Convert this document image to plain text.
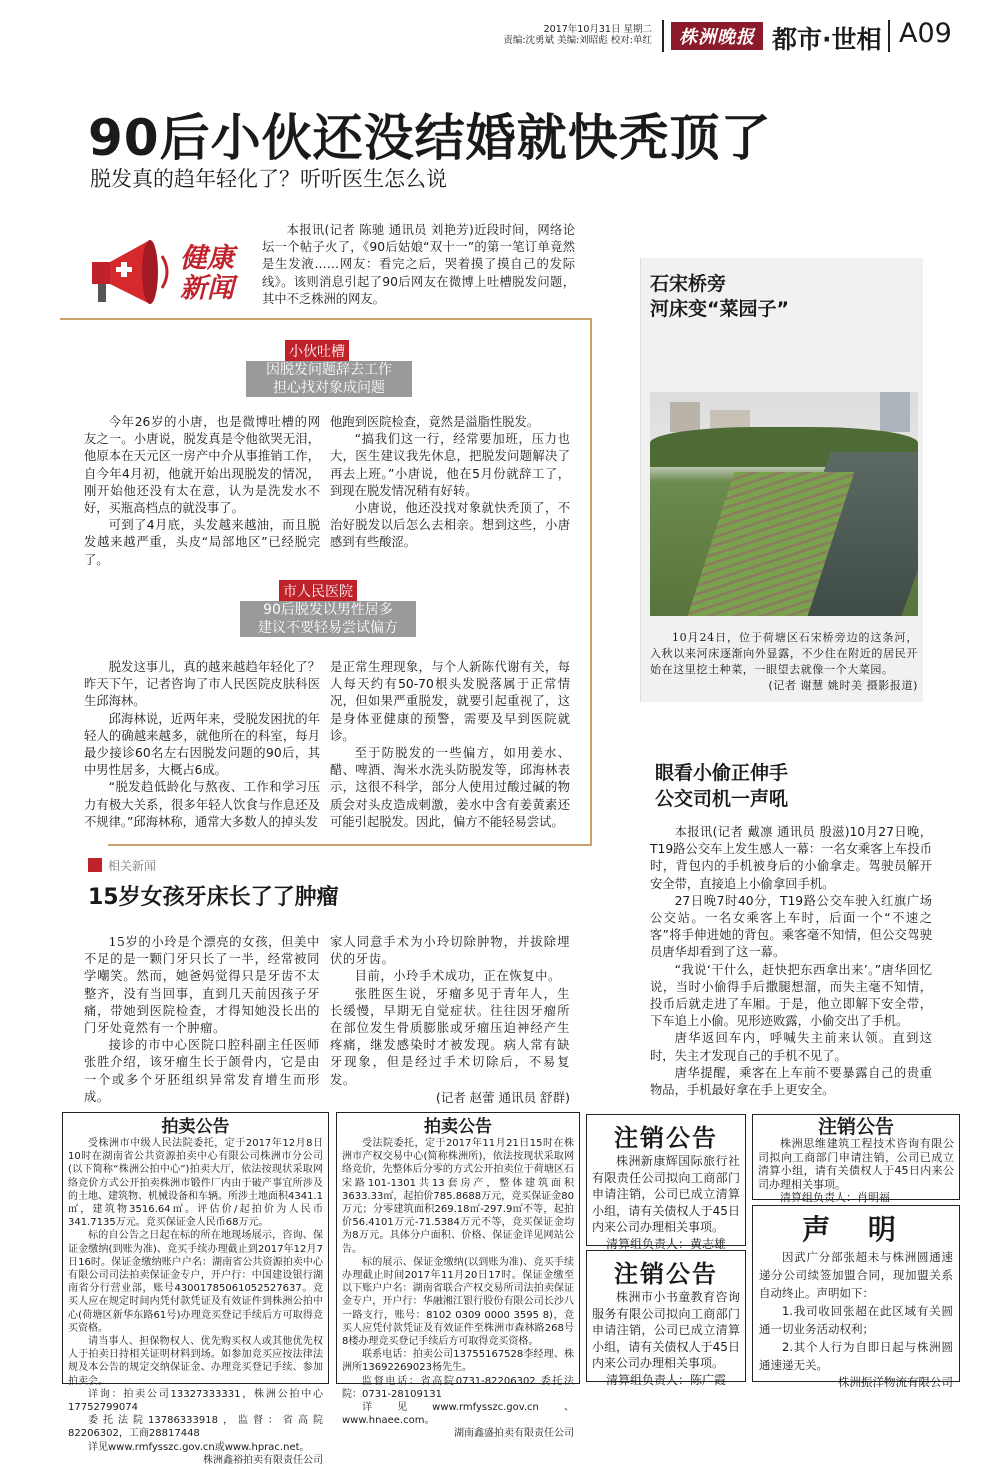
2017年10月31日 星期二
责编:沈勇斌 美编:刘昭彪 校对:单红	株洲晚报 都市·世相 A09
90后小伙还没结婚就快秃顶了
脱发真的趋年轻化了？听听医生怎么说
健康新闻

本报讯(记者 陈驰 通讯员 刘艳芳)近段时间，网络论坛一个帖子火了，《90后姑娘“双十一”的第一笔订单竟然是生发液……网友：看完之后，哭着摸了摸自己的发际线》。该则消息引起了90后网友在微博上吐槽脱发问题，其中不乏株洲的网友。

小伙吐槽
因脱发问题辞去工作
担心找对象成问题

今年26岁的小唐，也是微博吐槽的网友之一。小唐说，脱发真是令他欲哭无泪，他原本在天元区一房产中介从事推销工作，自今年4月初，他就开始出现脱发的情况，刚开始他还没有太在意，认为是洗发水不好，买瓶高档点的就没事了。

可到了4月底，头发越来越油，而且脱发越来越严重，头皮“局部地区”已经脱完了。

他跑到医院检查，竟然是溢脂性脱发。

“搞我们这一行，经常要加班，压力也大，医生建议我先休息，把脱发问题解决了再去上班。”小唐说，他在5月份就辞工了，到现在脱发情况稍有好转。

小唐说，他还没找对象就快秃顶了，不治好脱发以后怎么去相亲。想到这些，小唐感到有些酸涩。

市人民医院
90后脱发以男性居多
建议不要轻易尝试偏方

脱发这事儿，真的越来越趋年轻化了？昨天下午，记者咨询了市人民医院皮肤科医生邱海林。

邱海林说，近两年来，受脱发困扰的年轻人的确越来越多，就他所在的科室，每月最少接诊60名左右因脱发问题的90后，其中男性居多，大概占6成。

“脱发趋低龄化与熬夜、工作和学习压力有极大关系，很多年轻人饮食与作息还及不规律。”邱海林称，通常大多数人的掉头发

是正常生理现象，与个人新陈代谢有关，每人每天约有50-70根头发脱落属于正常情况，但如果严重脱发，就要引起重视了，这是身体亚健康的预警，需要及早到医院就诊。

至于防脱发的一些偏方，如用姜水、醋、啤酒、淘米水洗头防脱发等，邱海林表示，这很不科学，部分人使用过酸过碱的物质会对头皮造成刺激，姜水中含有姜黄素还可能引起脱发。因此，偏方不能轻易尝试。

相关新闻
15岁女孩牙床长了了肿瘤

15岁的小玲是个漂亮的女孩，但美中不足的是一颗门牙只长了一半，经常被同学嘲笑。然而，她爸妈觉得只是牙齿不太整齐，没有当回事，直到几天前因孩子牙痛，带她到医院检查，才得知她没长出的门牙处竟然有一个肿瘤。

接诊的市中心医院口腔科副主任医师张胜介绍，该牙瘤生长于颌骨内，它是由一个或多个牙胚组织异常发育增生而形成。

家人同意手术为小玲切除肿物，并拔除埋伏的牙齿。

目前，小玲手术成功，正在恢复中。

张胜医生说，牙瘤多见于青年人，生长缓慢，早期无自觉症状。往往因牙瘤所在部位发生骨质膨胀或牙瘤压迫神经产生疼痛，继发感染时才被发现。病人常有缺牙现象，但是经过手术切除后，不易复发。

(记者 赵蕾 通讯员 舒群)
石宋桥旁
河床变“菜园子”

10月24日，位于荷塘区石宋桥旁边的这条河，入秋以来河床逐渐向外显露，不少住在附近的居民开始在这里挖土种菜，一眼望去就像一个大菜园。

(记者 谢慧 姚时美 摄影报道)
眼看小偷正伸手
公交司机一声吼

本报讯(记者 戴凛 通讯员 殷滋)10月27日晚，T19路公交车上发生感人一幕：一名女乘客上车投币时，背包内的手机被身后的小偷拿走。驾驶员解开安全带，直接追上小偷拿回手机。

27日晚7时40分，T19路公交车驶入红旗广场公交站。一名女乘客上车时，后面一个“不速之客”将手伸进她的背包。乘客毫不知情，但公交驾驶员唐华却看到了这一幕。

“我说‘干什么，赶快把东西拿出来’。”唐华回忆说，当时小偷得手后撒腿想溜，而失主毫不知情，投币后就走进了车厢。于是，他立即解下安全带，下车追上小偷。见形迹败露，小偷交出了手机。

唐华返回车内，呼喊失主前来认领。直到这时，失主才发现自己的手机不见了。

唐华提醒，乘客在上车前不要暴露自己的贵重物品，手机最好拿在手上更安全。

拍卖公告

受株洲市中级人民法院委托，定于2017年12月8日10时在湖南省公共资源拍卖中心有限公司株洲市分公司(以下简称“株洲公拍中心”)拍卖大厅，依法按现状采取网络竞价方式公开拍卖株洲市锻件厂内由于破产事宜所涉及的土地、建筑物、机械设备和车辆。所涉土地面积4341.1㎡，建筑物3516.64㎡。评估价/起拍价为人民币341.7135万元。竞买保证金人民币68万元。

标的自公告之日起在标的所在地现场展示，咨询、保证金缴纳(到账为准)、竞买手续办理截止到2017年12月7日16时。保证金缴纳账户户名：湖南省公共资源拍卖中心有限公司司法拍卖保证金专户，开户行：中国建设银行湖南省分行营业部，账号43001785061052527637。竞买人应在规定时间内凭付款凭证及有效证件到株洲公拍中心(荷塘区新华东路61号)办理竞买登记手续后方可取得竞买资格。

请当事人、担保物权人、优先购买权人或其他优先权人于拍卖日持相关证明材料到场。如参加竞买应按法律法规及本公告的规定交纳保证金、办理竞买登记手续、参加拍卖会。

详询：拍卖公司13327333331，株洲公拍中心17752799074

委托法院13786333918，监督：省高院82206302，工商28817448

详见www.rmfysszc.gov.cn或www.hprac.net。

株洲鑫裕拍卖有限责任公司
拍卖公告

受法院委托，定于2017年11月21日15时在株洲市产权交易中心(简称株洲所)，依法按现状采取网络竞价，先整体后分零的方式公开拍卖位于荷塘区石宋路101-1301共13套房产，整体建筑面积3633.33㎡，起拍价785.8688万元，竞买保证金80万元；分零建筑面积269.18㎡-297.9㎡不等，起拍价56.4101万元-71.5384万元不等，竞买保证金均为8万元。具体分户面积、价格、保证金详见网站公告。

标的展示、保证金缴纳(以到账为准)、竞买手续办理截止时间2017年11月20日17时。保证金缴至以下账户户名：湖南省联合产权交易所司法拍卖保证金专户，开户行：华融湘江银行股份有限公司长沙八一路支行，账号：8102 0309 0000 3595 8)，竞买人应凭付款凭证及有效证件至株洲市森林路268号8楼办理竞买登记手续后方可取得竞买资格。

联系电话：拍卖公司13755167528李经理、株洲所13692269023杨先生。

监督电话：省高院0731-82206302 委托法院：0731-28109131

详见www.rmfysszc.gov.cn、www.hnaee.com。

湖南鑫盛拍卖有限责任公司
注销公告

株洲新康辉国际旅行社有限责任公司拟向工商部门申请注销，公司已成立清算小组，请有关债权人于45日内来公司办理相关事项。

清算组负责人：黄志雄
注销公告

株洲市小书童教育咨询服务有限公司拟向工商部门申请注销，公司已成立清算小组，请有关债权人于45日内来公司办理相关事项。

清算组负责人：陈广霞
注销公告

株洲思维建筑工程技术咨询有限公司拟向工商部门申请注销，公司已成立清算小组，请有关债权人于45日内来公司办理相关事项。

清算组负责人：肖明福
声 明

因武广分部张超未与株洲圆通速递分公司续签加盟合同，现加盟关系自动终止。声明如下：

1.我司收回张超在此区域有关圆通一切业务活动权利；

2.其个人行为自即日起与株洲圆通速递无关。

株洲振洋物流有限公司
